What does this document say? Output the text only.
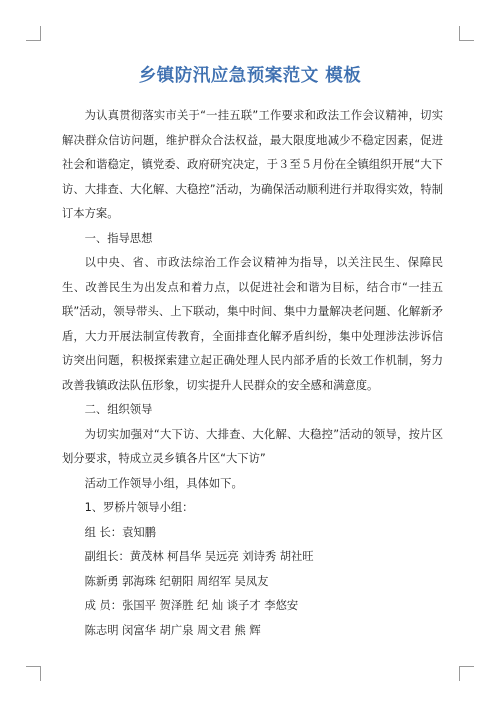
乡镇防汛应急预案范文 模板

为认真贯彻落实市关于“一挂五联”工作要求和政法工作会议精神，切实解决群众信访问题，维护群众合法权益，最大限度地减少不稳定因素，促进社会和谐稳定，镇党委、政府研究决定，于３至５月份在全镇组织开展“大下访、大排查、大化解、大稳控”活动，为确保活动顺利进行并取得实效，特制订本方案。

一、指导思想

以中央、省、市政法综治工作会议精神为指导，以关注民生、保障民生、改善民生为出发点和着力点，以促进社会和谐为目标，结合市“一挂五联”活动，领导带头、上下联动，集中时间、集中力量解决老问题、化解新矛盾，大力开展法制宣传教育，全面排查化解矛盾纠纷，集中处理涉法涉诉信访突出问题，积极探索建立起正确处理人民内部矛盾的长效工作机制，努力改善我镇政法队伍形象，切实提升人民群众的安全感和满意度。

二、组织领导

为切实加强对“大下访、大排查、大化解、大稳控”活动的领导，按片区划分要求，特成立灵乡镇各片区“大下访”

活动工作领导小组，具体如下。

1、罗桥片领导小组：

组 长：袁知鹏

副组长：黄茂林 柯昌华 吴远亮 刘诗秀 胡社旺

陈新勇 郭海珠 纪朝阳 周绍军 吴凤友

成 员：张国平 贺泽胜 纪 灿 谈子才 李悠安

陈志明 闵富华 胡广泉 周文君 熊 辉
